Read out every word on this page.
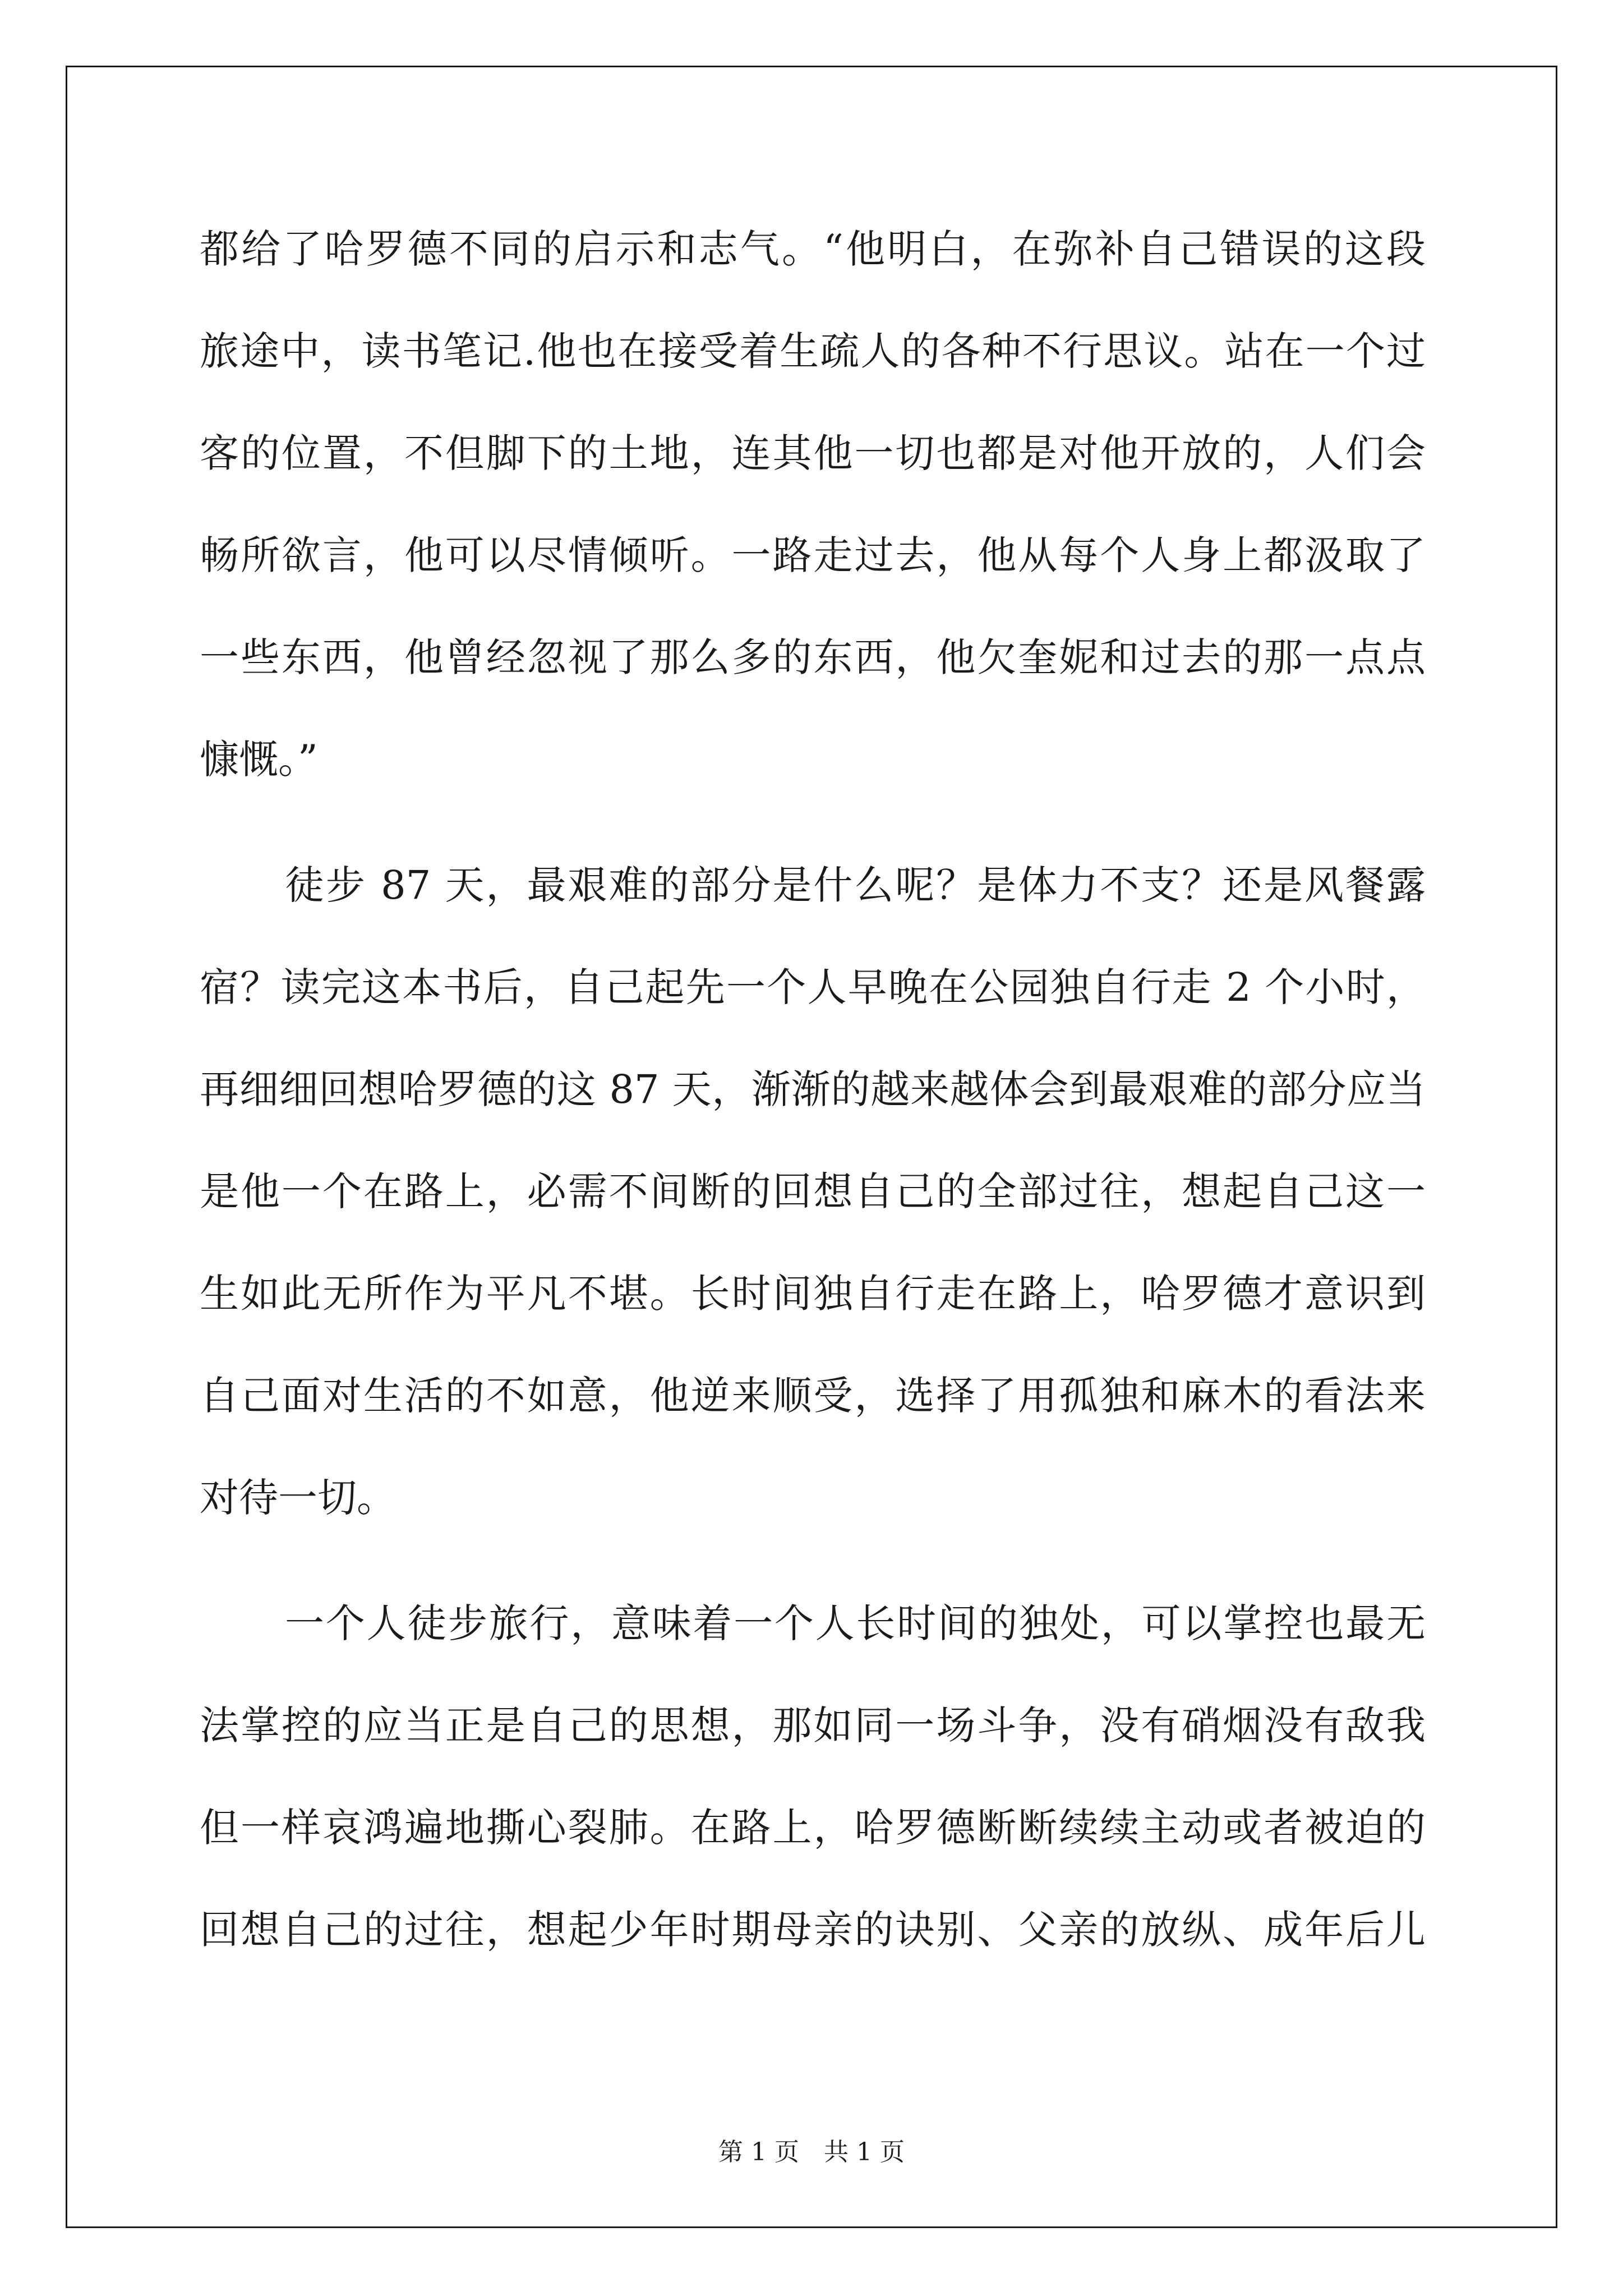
都给了哈罗德不同的启示和志气。“他明白，在弥补自己错误的这段
旅途中，读书笔记.他也在接受着生疏人的各种不行思议。站在一个过
客的位置，不但脚下的土地，连其他一切也都是对他开放的，人们会
畅所欲言，他可以尽情倾听。一路走过去，他从每个人身上都汲取了
一些东西，他曾经忽视了那么多的东西，他欠奎妮和过去的那一点点
慷慨。”
徒步 87 天，最艰难的部分是什么呢？是体力不支？还是风餐露
宿？读完这本书后，自己起先一个人早晚在公园独自行走 2 个小时，
再细细回想哈罗德的这 87 天，渐渐的越来越体会到最艰难的部分应当
是他一个在路上，必需不间断的回想自己的全部过往，想起自己这一
生如此无所作为平凡不堪。长时间独自行走在路上，哈罗德才意识到
自己面对生活的不如意，他逆来顺受，选择了用孤独和麻木的看法来
对待一切。
一个人徒步旅行，意味着一个人长时间的独处，可以掌控也最无
法掌控的应当正是自己的思想，那如同一场斗争，没有硝烟没有敌我
但一样哀鸿遍地撕心裂肺。在路上，哈罗德断断续续主动或者被迫的
回想自己的过往，想起少年时期母亲的诀别、父亲的放纵、成年后儿
第 1 页　共 1 页
